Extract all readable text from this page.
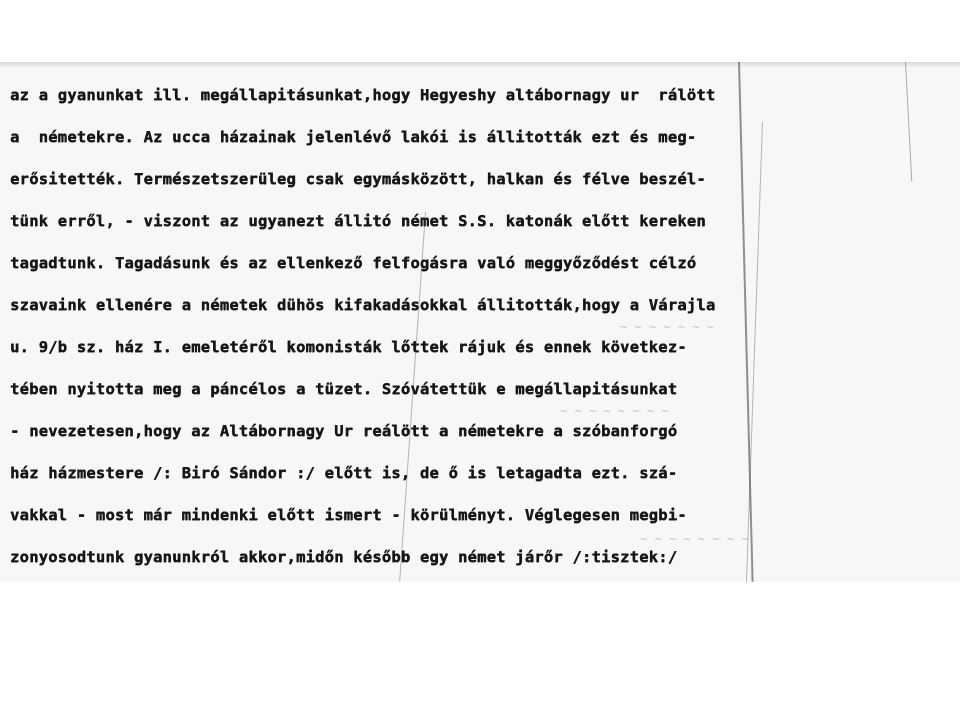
~ ~ ~ ~ ~ ~ ~
~ ~ ~ ~ ~ ~ ~ ~
~ ~ ~ ~ ~ ~ ~ ~
az a gyanunkat ill. megállapitásunkat,hogy Hegyeshy altábornagy ur  rálött
a  németekre. Az ucca házainak jelenlévő lakói is állitották ezt és meg-
erősitették. Természetszerüleg csak egymásközött, halkan és félve beszél-
tünk erről, - viszont az ugyanezt állitó német S.S. katonák előtt kereken
tagadtunk. Tagadásunk és az ellenkező felfogásra való meggyőződést célzó
szavaink ellenére a németek dühös kifakadásokkal állitották,hogy a Várajla
u. 9/b sz. ház I. emeletéről komonisták lőttek rájuk és ennek következ-
tében nyitotta meg a páncélos a tüzet. Szóvátettük e megállapitásunkat
- nevezetesen,hogy az Altábornagy Ur reálött a németekre a szóbanforgó
ház házmestere /: Biró Sándor :/ előtt is, de ő is letagadta ezt. szá-
vakkal - most már mindenki előtt ismert - körülményt. Véglegesen megbi-
zonyosodtunk gyanunkról akkor,midőn később egy német járőr /:tisztek:/
